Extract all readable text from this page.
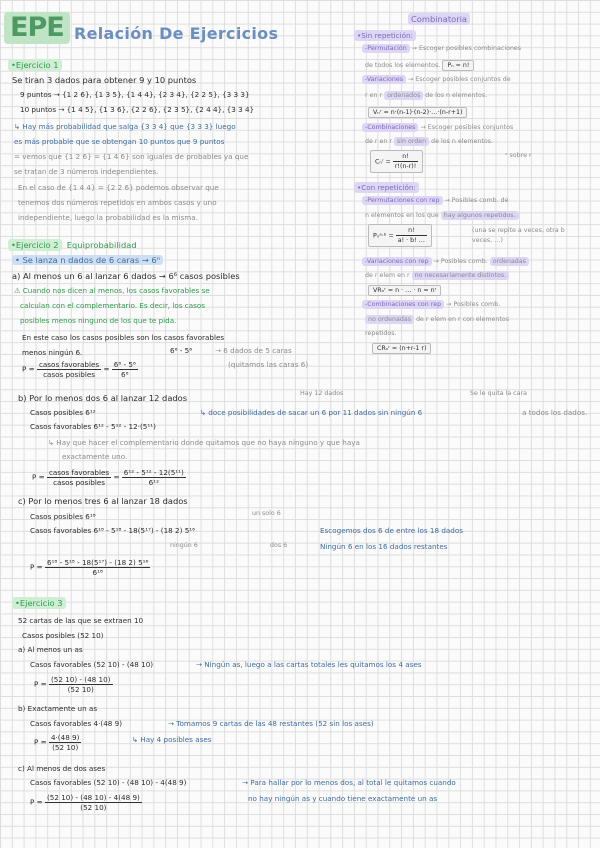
EPE Relación De Ejercicios
•Ejercicio 1
Se tiran 3 dados para obtener 9 y 10 puntos
9 puntos → {1 2 6}, {1 3 5}, {1 4 4}, {2 3 4}, {2 2 5}, {3 3 3}
10 puntos → {1 4 5}, {1 3 6}, {2 2 6}, {2 3 5}, {2 4 4}, {3 3 4}
↳ Hay más probabilidad que salga {3 3 4} que {3 3 3} luego
es más probable que se obtengan 10 puntos que 9 puntos
= vemos que {1 2 6} = {1 4 6} son iguales de probables ya que
se tratan de 3 números independientes.
En el caso de {1 4 4} = {2 2 6} podemos observar que
tenemos dos números repetidos en ambos casos y uno
independiente, luego la probabilidad es la misma.
Combinatoria
•Sin repetición:
-Permutación → Escoger posibles combinaciones
de todos los elementos. Pₙ = n!
-Variaciones → Escoger posibles conjuntos de
r en r ordenados de los n elementos.
Vₙʳ = n·(n-1)·(n-2)·…·(n-r+1)
-Combinaciones → Escoger posibles conjuntos
de r en r sin orden de los n elementos.
Cₙʳ = $\frac{n!}{r!(n-r)!}$	ⁿ sobre r
•Con repetición:
-Permutaciones con rep → Posibles comb. de
n elementos en los que hay algunos repetidos.
Pₙᵃ·ᵇ = $\frac{n!}{a! \cdot b! \dots}$	(una se repite a veces, otra b veces, …)
-Variaciones con rep → Posibles comb. ordenadas
de r elem en r no necesariamente distintos.
VRₙʳ = n · … · n = nʳ
-Combinaciones con rep → Posibles comb.
no ordenadas de r elem en r con elementos
repetidos.
CRₙʳ = (n+r-1 r)
•Ejercicio 2 Equiprobabilidad
• Se lanza n dados de 6 caras → 6ⁿ
a) Al menos un 6 al lanzar 6 dados → 6⁶ casos posibles
⚠ Cuando nos dicen al menos, los casos favorables se
calculan con el complementario. Es decir, los casos
posibles menos ninguno de los que te pida.
En este caso los casos posibles son los casos favorables
menos ningún 6.	6⁶ - 5⁶	→ 6 dados de 5 caras
(quitamos las caras 6)
$P = \frac{\text{casos favorables}}{\text{casos posibles}} = \frac{\text{6⁶ - 5⁶}}{\text{6⁶}}$
b) Por lo menos dos 6 al lanzar 12 dados	Hay 12 dados	Se le quita la cara
Casos posibles 6¹²	↳ doce posibilidades de sacar un 6 por 11 dados sin ningún 6	a todos los dados.
Casos favorables 6¹² - 5¹² - 12·(5¹¹)
↳ Hay que hacer el complementario donde quitamos que no haya ninguno y que haya
exactamente uno.
$P = \frac{\text{casos favorables}}{\text{casos posibles}} = \frac{\text{6¹² - 5¹² - 12(5¹¹)}}{\text{6¹²}}$
c) Por lo menos tres 6 al lanzar 18 dados
Casos posibles 6¹⁸	un solo 6
Casos favorables 6¹⁸ - 5¹⁸ - 18(5¹⁷) - (18 2) 5¹⁶	Escogemos dos 6 de entre los 18 dados
ningún 6	dos 6	Ningún 6 en los 16 dados restantes
$P = \frac{\text{6¹⁸ - 5¹⁸ - 18(5¹⁷) - (18 2) 5¹⁶}}{\text{6¹⁸}}$
•Ejercicio 3
52 cartas de las que se extraen 10
Casos posibles (52 10)
a) Al menos un as
Casos favorables (52 10) - (48 10)	→ Ningún as, luego a las cartas totales les quitamos los 4 ases
$P = \frac{(52 10) - (48 10)}{(52 10)}$
b) Exactamente un as
Casos favorables 4·(48 9)	→ Tomamos 9 cartas de las 48 restantes (52 sin los ases)
↳ Hay 4 posibles ases
$P = \frac{4\cdot(48 9)}{(52 10)}$
c) Al menos de dos ases
Casos favorables (52 10) - (48 10) - 4(48 9)	→ Para hallar por lo menos dos, al total le quitamos cuando
no hay ningún as y cuando tiene exactamente un as
$P = \frac{(52 10) - (48 10) - 4(48 9)}{(52 10)}$
